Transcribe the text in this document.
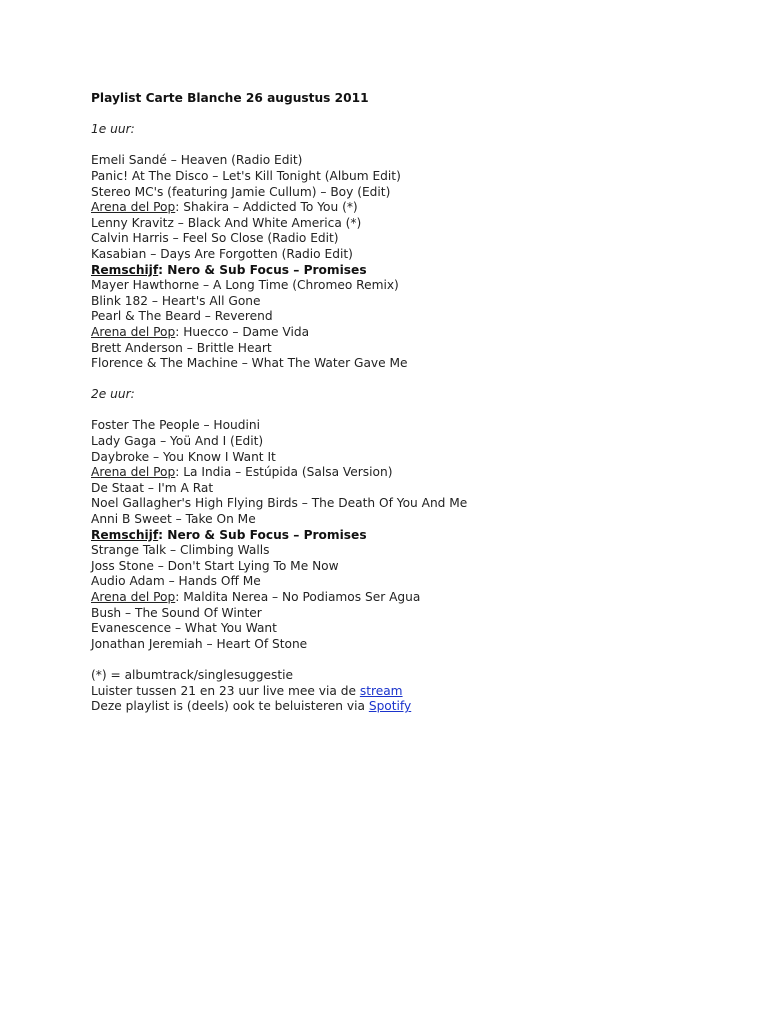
Playlist Carte Blanche 26 augustus 2011
1e uur:
Emeli Sandé – Heaven (Radio Edit)
Panic! At The Disco – Let's Kill Tonight (Album Edit)
Stereo MC's (featuring Jamie Cullum) – Boy (Edit)
Arena del Pop: Shakira – Addicted To You (*)
Lenny Kravitz – Black And White America (*)
Calvin Harris – Feel So Close (Radio Edit)
Kasabian – Days Are Forgotten (Radio Edit)
Remschijf: Nero & Sub Focus – Promises
Mayer Hawthorne – A Long Time (Chromeo Remix)
Blink 182 – Heart's All Gone
Pearl & The Beard – Reverend
Arena del Pop: Huecco – Dame Vida
Brett Anderson – Brittle Heart
Florence & The Machine – What The Water Gave Me
2e uur:
Foster The People – Houdini
Lady Gaga – Yoü And I (Edit)
Daybroke – You Know I Want It
Arena del Pop: La India – Estúpida (Salsa Version)
De Staat – I'm A Rat
Noel Gallagher's High Flying Birds – The Death Of You And Me
Anni B Sweet – Take On Me
Remschijf: Nero & Sub Focus – Promises
Strange Talk – Climbing Walls
Joss Stone – Don't Start Lying To Me Now
Audio Adam – Hands Off Me
Arena del Pop: Maldita Nerea – No Podiamos Ser Agua
Bush – The Sound Of Winter
Evanescence – What You Want
Jonathan Jeremiah – Heart Of Stone
(*) = albumtrack/singlesuggestie
Luister tussen 21 en 23 uur live mee via de stream
Deze playlist is (deels) ook te beluisteren via Spotify
